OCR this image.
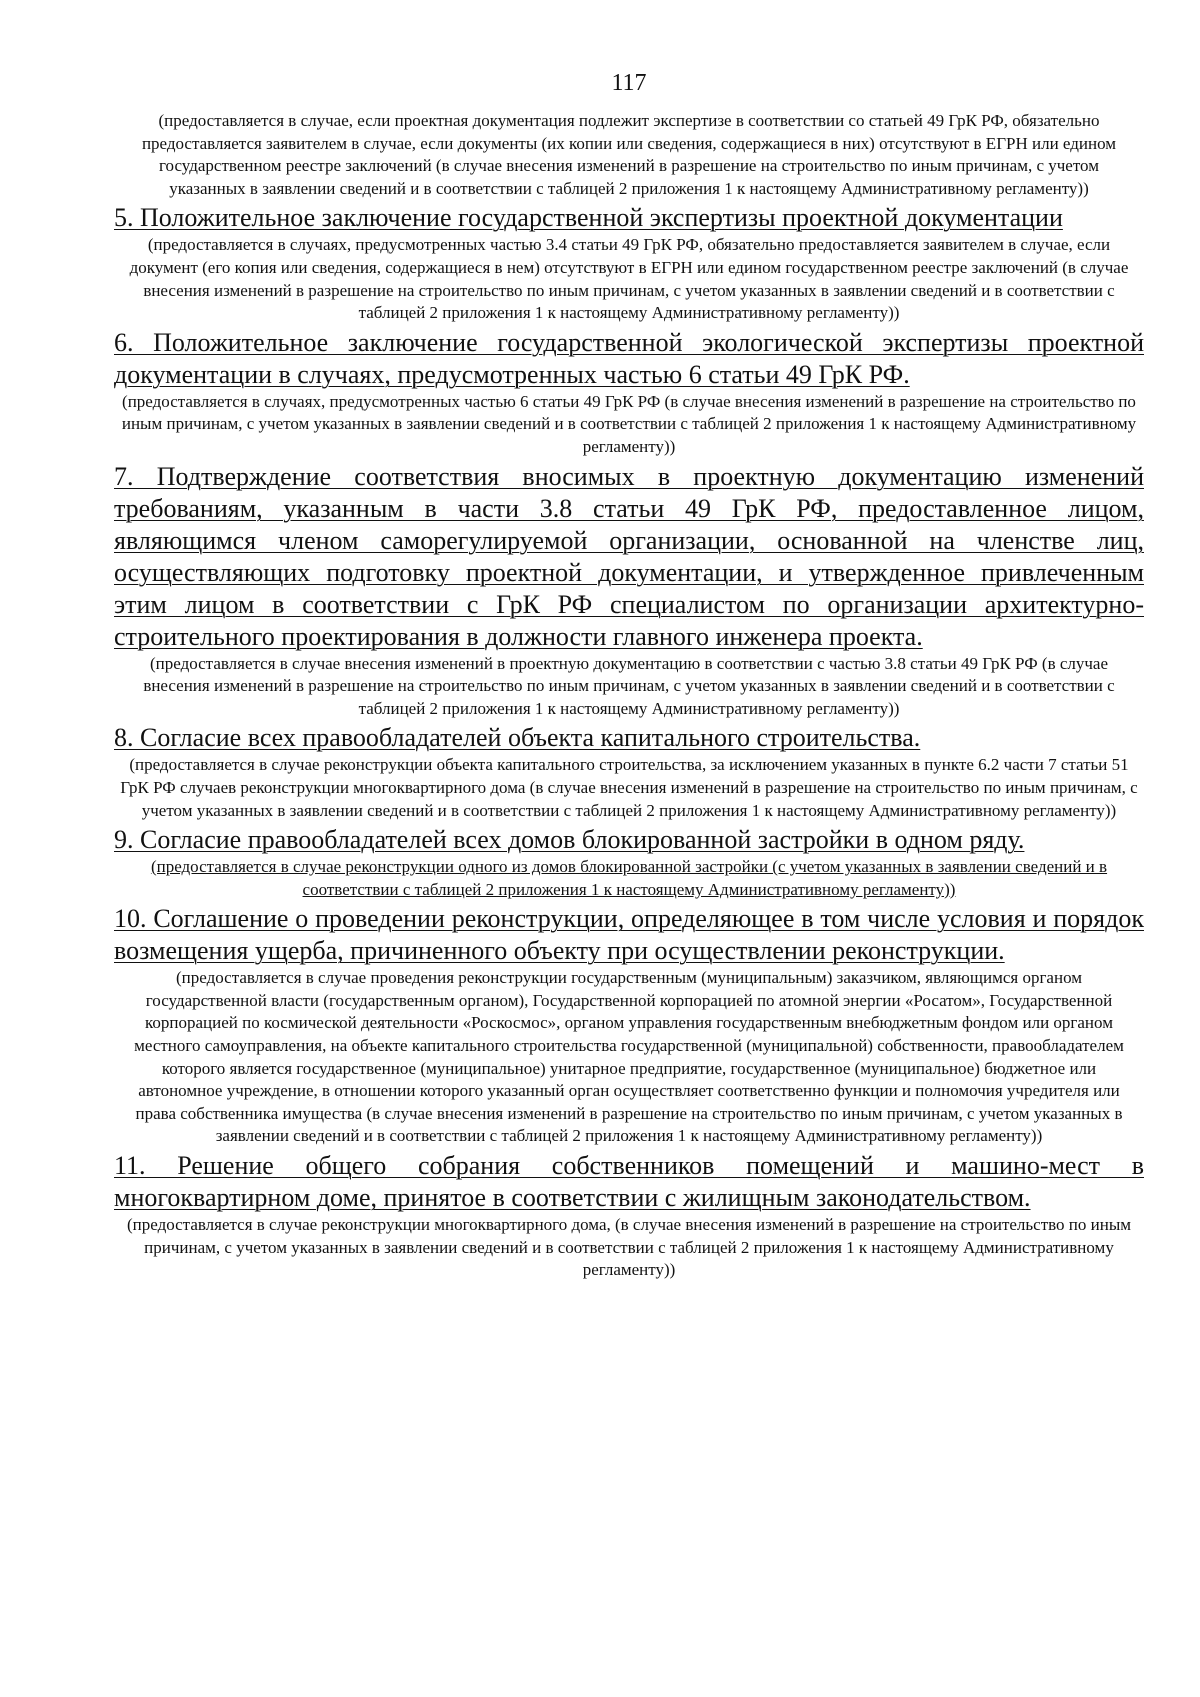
117
(предоставляется в случае, если проектная документация подлежит экспертизе в соответствии со статьей 49 ГрК РФ, обязательно предоставляется заявителем в случае, если документы (их копии или сведения, содержащиеся в них) отсутствуют в ЕГРН или едином государственном реестре заключений (в случае внесения изменений в разрешение на строительство по иным причинам, с учетом указанных в заявлении сведений и в соответствии с таблицей 2 приложения 1 к настоящему Административному регламенту))
5. Положительное заключение государственной экспертизы проектной документации
(предоставляется в случаях, предусмотренных частью 3.4 статьи 49 ГрК РФ, обязательно предоставляется заявителем в случае, если документ (его копия или сведения, содержащиеся в нем) отсутствуют в ЕГРН или едином государственном реестре заключений (в случае внесения изменений в разрешение на строительство по иным причинам, с учетом указанных в заявлении сведений и в соответствии с таблицей 2 приложения 1 к настоящему Административному регламенту))
6. Положительное заключение государственной экологической экспертизы проектной документации в случаях, предусмотренных частью 6 статьи 49 ГрК РФ.
(предоставляется в случаях, предусмотренных частью 6 статьи 49 ГрК РФ (в случае внесения изменений в разрешение на строительство по иным причинам, с учетом указанных в заявлении сведений и в соответствии с таблицей 2 приложения 1 к настоящему Административному регламенту))
7. Подтверждение соответствия вносимых в проектную документацию изменений требованиям, указанным в части 3.8 статьи 49 ГрК РФ, предоставленное лицом, являющимся членом саморегулируемой организации, основанной на членстве лиц, осуществляющих подготовку проектной документации, и утвержденное привлеченным этим лицом в соответствии с ГрК РФ специалистом по организации архитектурно-строительного проектирования в должности главного инженера проекта.
(предоставляется в случае внесения изменений в проектную документацию в соответствии с частью 3.8 статьи 49 ГрК РФ (в случае внесения изменений в разрешение на строительство по иным причинам, с учетом указанных в заявлении сведений и в соответствии с таблицей 2 приложения 1 к настоящему Административному регламенту))
8. Согласие всех правообладателей объекта капитального строительства.
(предоставляется в случае реконструкции объекта капитального строительства, за исключением указанных в пункте 6.2 части 7 статьи 51 ГрК РФ случаев реконструкции многоквартирного дома (в случае внесения изменений в разрешение на строительство по иным причинам, с учетом указанных в заявлении сведений и в соответствии с таблицей 2 приложения 1 к настоящему Административному регламенту))
9. Согласие правообладателей всех домов блокированной застройки в одном ряду.
(предоставляется в случае реконструкции одного из домов блокированной застройки (с учетом указанных в заявлении сведений и в соответствии с таблицей 2 приложения 1 к настоящему Административному регламенту))
10. Соглашение о проведении реконструкции, определяющее в том числе условия и порядок возмещения ущерба, причиненного объекту при осуществлении реконструкции.
(предоставляется в случае проведения реконструкции государственным (муниципальным) заказчиком, являющимся органом государственной власти (государственным органом), Государственной корпорацией по атомной энергии «Росатом», Государственной корпорацией по космической деятельности «Роскосмос», органом управления государственным внебюджетным фондом или органом местного самоуправления, на объекте капитального строительства государственной (муниципальной) собственности, правообладателем которого является государственное (муниципальное) унитарное предприятие, государственное (муниципальное) бюджетное или автономное учреждение, в отношении которого указанный орган осуществляет соответственно функции и полномочия учредителя или права собственника имущества (в случае внесения изменений в разрешение на строительство по иным причинам, с учетом указанных в заявлении сведений и в соответствии с таблицей 2 приложения 1 к настоящему Административному регламенту))
11. Решение общего собрания собственников помещений и машино-мест в многоквартирном доме, принятое в соответствии с жилищным законодательством.
(предоставляется в случае реконструкции многоквартирного дома, (в случае внесения изменений в разрешение на строительство по иным причинам, с учетом указанных в заявлении сведений и в соответствии с таблицей 2 приложения 1 к настоящему Административному регламенту))
